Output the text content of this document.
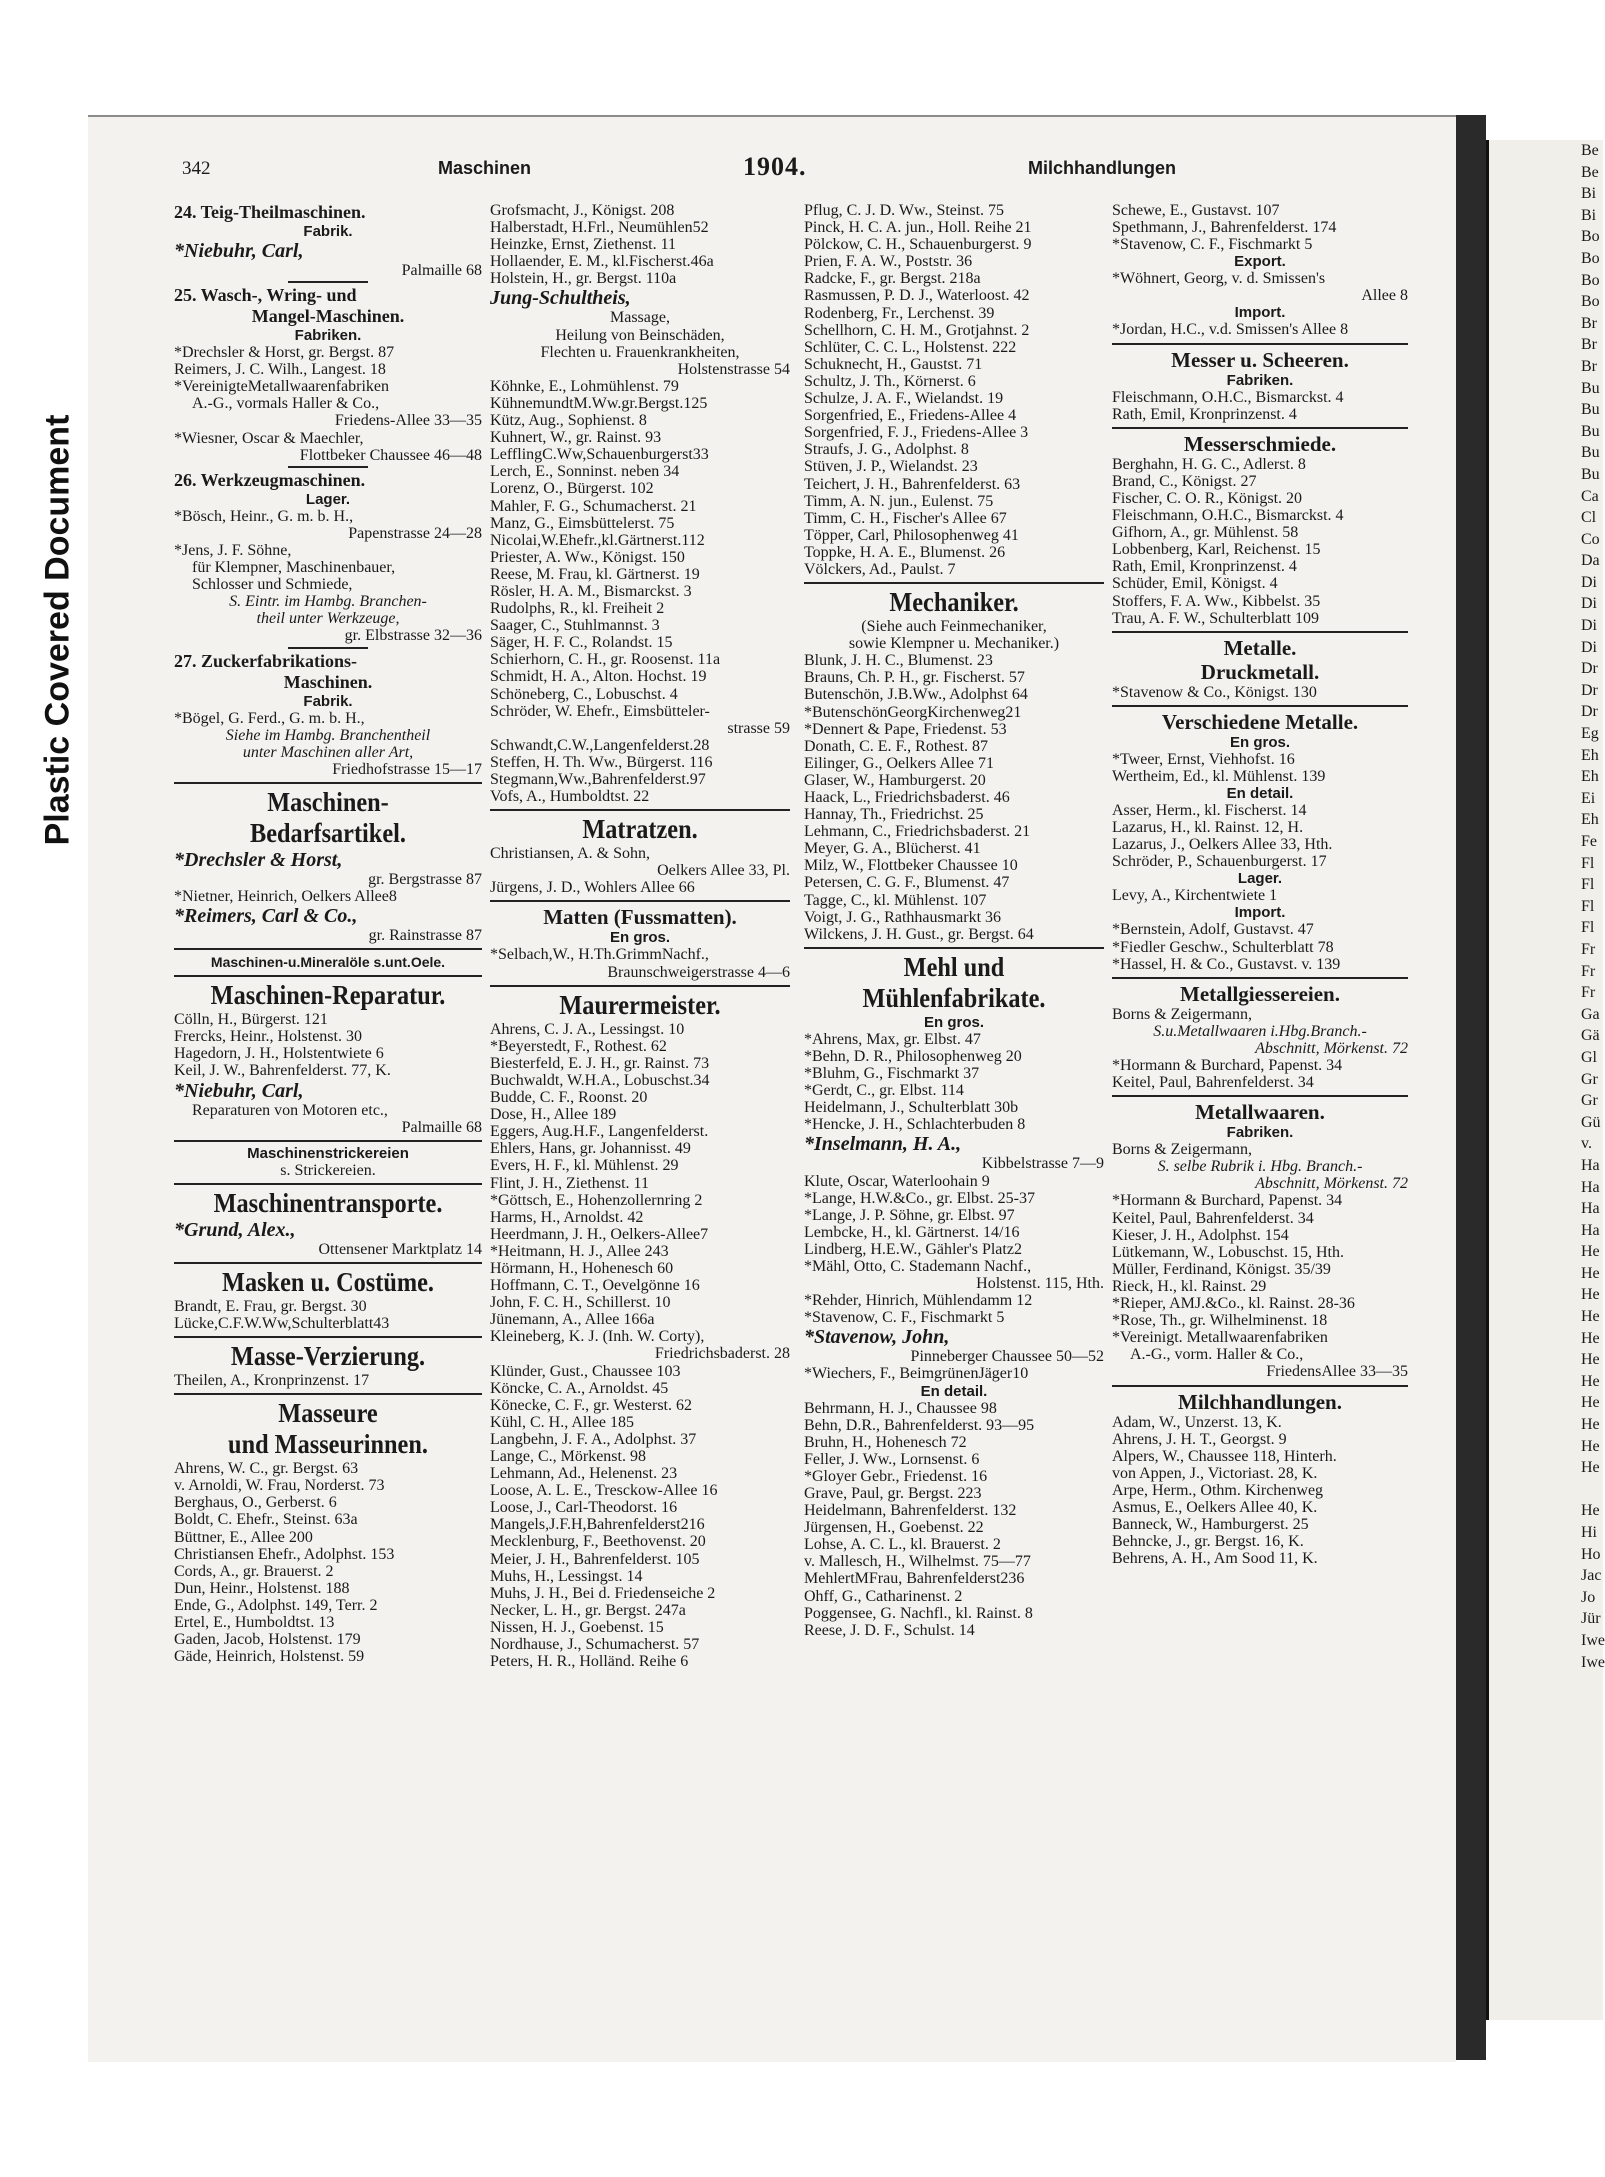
Plastic Covered Document
Be
Be
Bi
Bi
Bo
Bo
Bo
Bo
Br
Br
Br
Bu
Bu
Bu
Bu
Bu
Ca
Cl
Co
Da
Di
Di
Di
Di
Dr
Dr
Dr
Eg
Eh
Eh
Ei
Eh
Fe
Fl
Fl
Fl
Fl
Fr
Fr
Fr
Ga
Gä
Gl
Gr
Gr
Gü
v.
Ha
Ha
Ha
Ha
He
He
He
He
He
He
He
He
He
He
He
He
Hi
Ho
Jac
Jo
Jür
Iwe
Iwe
342	Maschinen	1904.	Milchhandlungen
24. Teig-Theilmaschinen.
Fabrik.
*Niebuhr, Carl,
Palmaille 68
25. Wasch-, Wring- und
Mangel-Maschinen.
Fabriken.
*Drechsler & Horst, gr. Bergst. 87
Reimers, J. C. Wilh., Langest. 18
*VereinigteMetallwaarenfabriken
A.-G., vormals Haller & Co.,
Friedens-Allee 33—35
*Wiesner, Oscar & Maechler,
Flottbeker Chaussee 46—48
26. Werkzeugmaschinen.
Lager.
*Bösch, Heinr., G. m. b. H.,
Papenstrasse 24—28
*Jens, J. F. Söhne,
für Klempner, Maschinenbauer,
Schlosser und Schmiede,
S. Eintr. im Hambg. Branchen-
theil unter Werkzeuge,
gr. Elbstrasse 32—36
27. Zuckerfabrikations-
Maschinen.
Fabrik.
*Bögel, G. Ferd., G. m. b. H.,
Siehe im Hambg. Branchentheil
unter Maschinen aller Art,
Friedhofstrasse 15—17
Maschinen-
Bedarfsartikel.
*Drechsler & Horst,
gr. Bergstrasse 87
*Nietner, Heinrich, Oelkers Allee8
*Reimers, Carl & Co.,
gr. Rainstrasse 87
Maschinen-u.Mineralöle s.unt.Oele.
Maschinen-Reparatur.
Cölln, H., Bürgerst. 121
Frercks, Heinr., Holstenst. 30
Hagedorn, J. H., Holstentwiete 6
Keil, J. W., Bahrenfelderst. 77, K.
*Niebuhr, Carl,
Reparaturen von Motoren etc.,
Palmaille 68
Maschinenstrickereien
s. Strickereien.
Maschinentransporte.
*Grund, Alex.,
Ottensener Marktplatz 14
Masken u. Costüme.
Brandt, E. Frau, gr. Bergst. 30
Lücke,C.F.W.Ww,Schulterblatt43
Masse-Verzierung.
Theilen, A., Kronprinzenst. 17
Masseure
und Masseurinnen.
Ahrens, W. C., gr. Bergst. 63
v. Arnoldi, W. Frau, Norderst. 73
Berghaus, O., Gerberst. 6
Boldt, C. Ehefr., Steinst. 63a
Büttner, E., Allee 200
Christiansen Ehefr., Adolphst. 153
Cords, A., gr. Brauerst. 2
Dun, Heinr., Holstenst. 188
Ende, G., Adolphst. 149, Terr. 2
Ertel, E., Humboldtst. 13
Gaden, Jacob, Holstenst. 179
Gäde, Heinrich, Holstenst. 59
Grofsmacht, J., Königst. 208
Halberstadt, H.Frl., Neumühlen52
Heinzke, Ernst, Ziethenst. 11
Hollaender, E. M., kl.Fischerst.46a
Holstein, H., gr. Bergst. 110a
Jung-Schultheis,
Massage,
Heilung von Beinschäden,
Flechten u. Frauenkrankheiten,
Holstenstrasse 54
Köhnke, E., Lohmühlenst. 79
KühnemundtM.Ww.gr.Bergst.125
Kütz, Aug., Sophienst. 8
Kuhnert, W., gr. Rainst. 93
LefflingC.Ww,Schauenburgerst33
Lerch, E., Sonninst. neben 34
Lorenz, O., Bürgerst. 102
Mahler, F. G., Schumacherst. 21
Manz, G., Eimsbüttelerst. 75
Nicolai,W.Ehefr.,kl.Gärtnerst.112
Priester, A. Ww., Königst. 150
Reese, M. Frau, kl. Gärtnerst. 19
Rösler, H. A. M., Bismarckst. 3
Rudolphs, R., kl. Freiheit 2
Saager, C., Stuhlmannst. 3
Säger, H. F. C., Rolandst. 15
Schierhorn, C. H., gr. Roosenst. 11a
Schmidt, H. A., Alton. Hochst. 19
Schöneberg, C., Lobuschst. 4
Schröder, W. Ehefr., Eimsbütteler-
strasse 59
Schwandt,C.W.,Langenfelderst.28
Steffen, H. Th. Ww., Bürgerst. 116
Stegmann,Ww.,Bahrenfelderst.97
Vofs, A., Humboldtst. 22
Matratzen.
Christiansen, A. & Sohn,
Oelkers Allee 33, Pl.
Jürgens, J. D., Wohlers Allee 66
Matten (Fussmatten).
En gros.
*Selbach,W., H.Th.GrimmNachf.,
Braunschweigerstrasse 4—6
Maurermeister.
Ahrens, C. J. A., Lessingst. 10
*Beyerstedt, F., Rothest. 62
Biesterfeld, E. J. H., gr. Rainst. 73
Buchwaldt, W.H.A., Lobuschst.34
Budde, C. F., Roonst. 20
Dose, H., Allee 189
Eggers, Aug.H.F., Langenfelderst.
Ehlers, Hans, gr. Johannisst. 49
Evers, H. F., kl. Mühlenst. 29
Flint, J. H., Ziethenst. 11
*Göttsch, E., Hohenzollernring 2
Harms, H., Arnoldst. 42
Heerdmann, J. H., Oelkers-Allee7
*Heitmann, H. J., Allee 243
Hörmann, H., Hohenesch 60
Hoffmann, C. T., Oevelgönne 16
John, F. C. H., Schillerst. 10
Jünemann, A., Allee 166a
Kleineberg, K. J. (Inh. W. Corty),
Friedrichsbaderst. 28
Klünder, Gust., Chaussee 103
Köncke, C. A., Arnoldst. 45
Könecke, C. F., gr. Westerst. 62
Kühl, C. H., Allee 185
Langbehn, J. F. A., Adolphst. 37
Lange, C., Mörkenst. 98
Lehmann, Ad., Helenenst. 23
Loose, A. L. E., Tresckow-Allee 16
Loose, J., Carl-Theodorst. 16
Mangels,J.F.H,Bahrenfelderst216
Mecklenburg, F., Beethovenst. 20
Meier, J. H., Bahrenfelderst. 105
Muhs, H., Lessingst. 14
Muhs, J. H., Bei d. Friedenseiche 2
Necker, L. H., gr. Bergst. 247a
Nissen, H. J., Goebenst. 15
Nordhause, J., Schumacherst. 57
Peters, H. R., Holländ. Reihe 6
Pflug, C. J. D. Ww., Steinst. 75
Pinck, H. C. A. jun., Holl. Reihe 21
Pölckow, C. H., Schauenburgerst. 9
Prien, F. A. W., Poststr. 36
Radcke, F., gr. Bergst. 218a
Rasmussen, P. D. J., Waterloost. 42
Rodenberg, Fr., Lerchenst. 39
Schellhorn, C. H. M., Grotjahnst. 2
Schlüter, C. C. L., Holstenst. 222
Schuknecht, H., Gaustst. 71
Schultz, J. Th., Körnerst. 6
Schulze, J. A. F., Wielandst. 19
Sorgenfried, E., Friedens-Allee 4
Sorgenfried, F. J., Friedens-Allee 3
Straufs, J. G., Adolphst. 8
Stüven, J. P., Wielandst. 23
Teichert, J. H., Bahrenfelderst. 63
Timm, A. N. jun., Eulenst. 75
Timm, C. H., Fischer's Allee 67
Töpper, Carl, Philosophenweg 41
Toppke, H. A. E., Blumenst. 26
Völckers, Ad., Paulst. 7
Mechaniker.
(Siehe auch Feinmechaniker,
sowie Klempner u. Mechaniker.)
Blunk, J. H. C., Blumenst. 23
Brauns, Ch. P. H., gr. Fischerst. 57
Butenschön, J.B.Ww., Adolphst 64
*ButenschönGeorgKirchenweg21
*Dennert & Pape, Friedenst. 53
Donath, C. E. F., Rothest. 87
Eilinger, G., Oelkers Allee 71
Glaser, W., Hamburgerst. 20
Haack, L., Friedrichsbaderst. 46
Hannay, Th., Friedrichst. 25
Lehmann, C., Friedrichsbaderst. 21
Meyer, G. A., Blücherst. 41
Milz, W., Flottbeker Chaussee 10
Petersen, C. G. F., Blumenst. 47
Tagge, C., kl. Mühlenst. 107
Voigt, J. G., Rathhausmarkt 36
Wilckens, J. H. Gust., gr. Bergst. 64
Mehl und
Mühlenfabrikate.
En gros.
*Ahrens, Max, gr. Elbst. 47
*Behn, D. R., Philosophenweg 20
*Bluhm, G., Fischmarkt 37
*Gerdt, C., gr. Elbst. 114
Heidelmann, J., Schulterblatt 30b
*Hencke, J. H., Schlachterbuden 8
*Inselmann, H. A.,
Kibbelstrasse 7—9
Klute, Oscar, Waterloohain 9
*Lange, H.W.&Co., gr. Elbst. 25-37
*Lange, J. P. Söhne, gr. Elbst. 97
Lembcke, H., kl. Gärtnerst. 14/16
Lindberg, H.E.W., Gähler's Platz2
*Mähl, Otto, C. Stademann Nachf.,
Holstenst. 115, Hth.
*Rehder, Hinrich, Mühlendamm 12
*Stavenow, C. F., Fischmarkt 5
*Stavenow, John,
Pinneberger Chaussee 50—52
*Wiechers, F., BeimgrünenJäger10
En detail.
Behrmann, H. J., Chaussee 98
Behn, D.R., Bahrenfelderst. 93—95
Bruhn, H., Hohenesch 72
Feller, J. Ww., Lornsenst. 6
*Gloyer Gebr., Friedenst. 16
Grave, Paul, gr. Bergst. 223
Heidelmann, Bahrenfelderst. 132
Jürgensen, H., Goebenst. 22
Lohse, A. C. L., kl. Brauerst. 2
v. Mallesch, H., Wilhelmst. 75—77
MehlertMFrau, Bahrenfelderst236
Ohff, G., Catharinenst. 2
Poggensee, G. Nachfl., kl. Rainst. 8
Reese, J. D. F., Schulst. 14
Schewe, E., Gustavst. 107
Spethmann, J., Bahrenfelderst. 174
*Stavenow, C. F., Fischmarkt 5
Export.
*Wöhnert, Georg, v. d. Smissen's
Allee 8
Import.
*Jordan, H.C., v.d. Smissen's Allee 8
Messer u. Scheeren.
Fabriken.
Fleischmann, O.H.C., Bismarckst. 4
Rath, Emil, Kronprinzenst. 4
Messerschmiede.
Berghahn, H. G. C., Adlerst. 8
Brand, C., Königst. 27
Fischer, C. O. R., Königst. 20
Fleischmann, O.H.C., Bismarckst. 4
Gifhorn, A., gr. Mühlenst. 58
Lobbenberg, Karl, Reichenst. 15
Rath, Emil, Kronprinzenst. 4
Schüder, Emil, Königst. 4
Stoffers, F. A. Ww., Kibbelst. 35
Trau, A. F. W., Schulterblatt 109
Metalle.
Druckmetall.
*Stavenow & Co., Königst. 130
Verschiedene Metalle.
En gros.
*Tweer, Ernst, Viehhofst. 16
Wertheim, Ed., kl. Mühlenst. 139
En detail.
Asser, Herm., kl. Fischerst. 14
Lazarus, H., kl. Rainst. 12, H.
Lazarus, J., Oelkers Allee 33, Hth.
Schröder, P., Schauenburgerst. 17
Lager.
Levy, A., Kirchentwiete 1
Import.
*Bernstein, Adolf, Gustavst. 47
*Fiedler Geschw., Schulterblatt 78
*Hassel, H. & Co., Gustavst. v. 139
Metallgiessereien.
Borns & Zeigermann,
S.u.Metallwaaren i.Hbg.Branch.-
Abschnitt, Mörkenst. 72
*Hormann & Burchard, Papenst. 34
Keitel, Paul, Bahrenfelderst. 34
Metallwaaren.
Fabriken.
Borns & Zeigermann,
S. selbe Rubrik i. Hbg. Branch.-
Abschnitt, Mörkenst. 72
*Hormann & Burchard, Papenst. 34
Keitel, Paul, Bahrenfelderst. 34
Kieser, J. H., Adolphst. 154
Lütkemann, W., Lobuschst. 15, Hth.
Müller, Ferdinand, Königst. 35/39
Rieck, H., kl. Rainst. 29
*Rieper, AMJ.&Co., kl. Rainst. 28-36
*Rose, Th., gr. Wilhelminenst. 18
*Vereinigt. Metallwaarenfabriken
A.-G., vorm. Haller & Co.,
FriedensAllee 33—35
Milchhandlungen.
Adam, W., Unzerst. 13, K.
Ahrens, J. H. T., Georgst. 9
Alpers, W., Chaussee 118, Hinterh.
von Appen, J., Victoriast. 28, K.
Arpe, Herm., Othm. Kirchenweg
Asmus, E., Oelkers Allee 40, K.
Banneck, W., Hamburgerst. 25
Behncke, J., gr. Bergst. 16, K.
Behrens, A. H., Am Sood 11, K.
